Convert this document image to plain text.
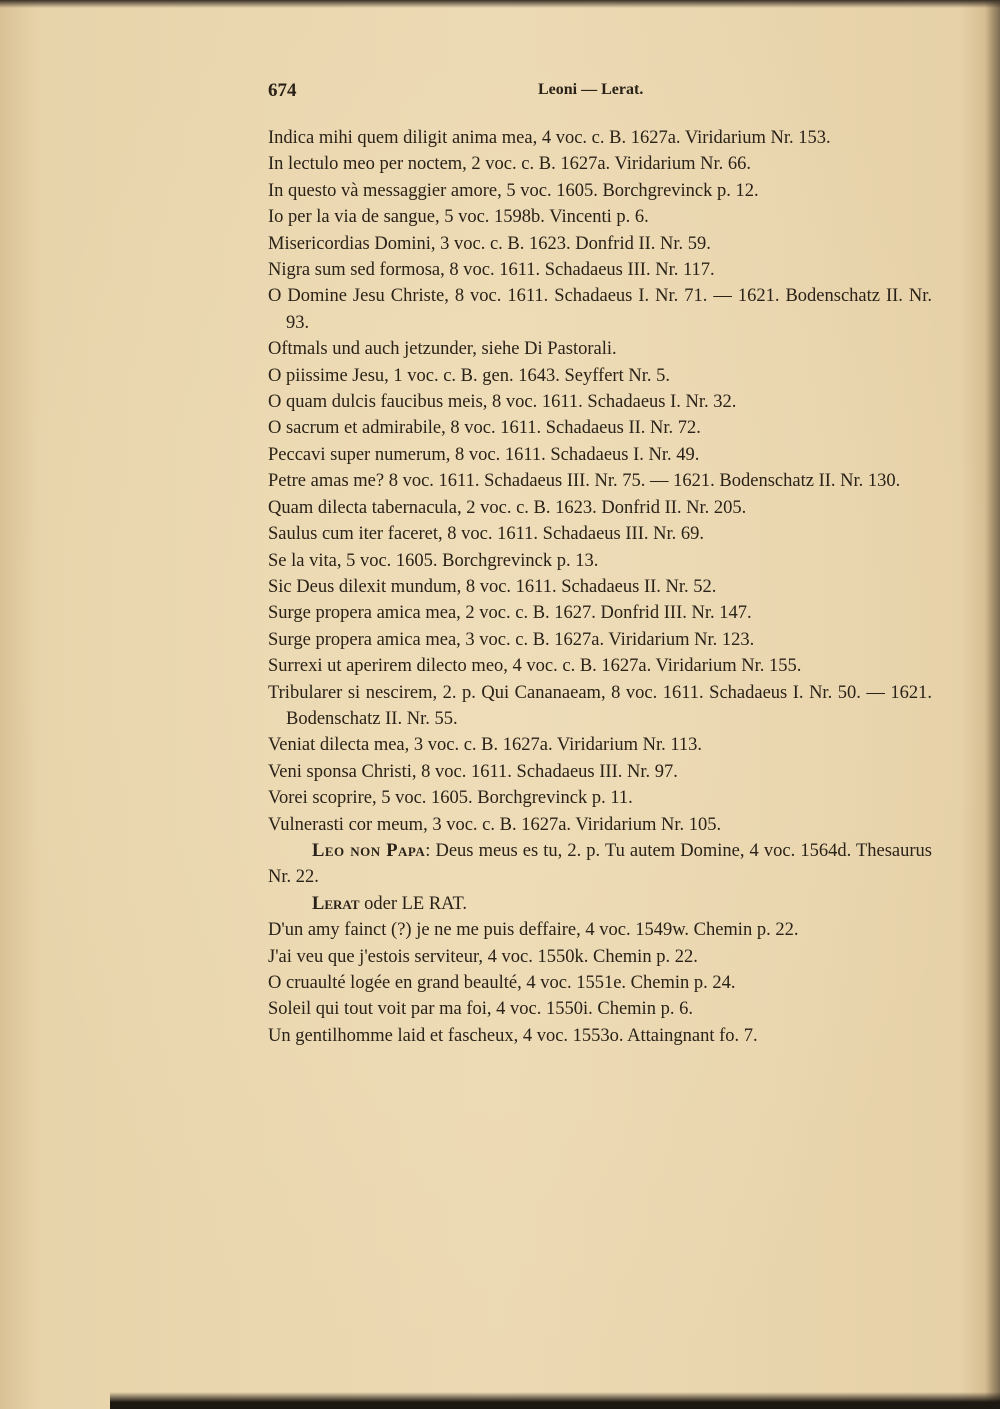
674	Leoni — Lerat.

Indica mihi quem diligit anima mea, 4 voc. c. B. 1627a. Viridarium Nr. 153.

In lectulo meo per noctem, 2 voc. c. B. 1627a. Viridarium Nr. 66.

In questo và messaggier amore, 5 voc. 1605. Borchgrevinck p. 12.

Io per la via de sangue, 5 voc. 1598b. Vincenti p. 6.

Misericordias Domini, 3 voc. c. B. 1623. Donfrid II. Nr. 59.

Nigra sum sed formosa, 8 voc. 1611. Schadaeus III. Nr. 117.

O Domine Jesu Christe, 8 voc. 1611. Schadaeus I. Nr. 71. — 1621. Bodenschatz II. Nr. 93.

Oftmals und auch jetzunder, siehe Di Pastorali.

O piissime Jesu, 1 voc. c. B. gen. 1643. Seyffert Nr. 5.

O quam dulcis faucibus meis, 8 voc. 1611. Schadaeus I. Nr. 32.

O sacrum et admirabile, 8 voc. 1611. Schadaeus II. Nr. 72.

Peccavi super numerum, 8 voc. 1611. Schadaeus I. Nr. 49.

Petre amas me? 8 voc. 1611. Schadaeus III. Nr. 75. — 1621. Bodenschatz II. Nr. 130.

Quam dilecta tabernacula, 2 voc. c. B. 1623. Donfrid II. Nr. 205.

Saulus cum iter faceret, 8 voc. 1611. Schadaeus III. Nr. 69.

Se la vita, 5 voc. 1605. Borchgrevinck p. 13.

Sic Deus dilexit mundum, 8 voc. 1611. Schadaeus II. Nr. 52.

Surge propera amica mea, 2 voc. c. B. 1627. Donfrid III. Nr. 147.

Surge propera amica mea, 3 voc. c. B. 1627a. Viridarium Nr. 123.

Surrexi ut aperirem dilecto meo, 4 voc. c. B. 1627a. Viridarium Nr. 155.

Tribularer si nescirem, 2. p. Qui Cananaeam, 8 voc. 1611. Schadaeus I. Nr. 50. — 1621. Bodenschatz II. Nr. 55.

Veniat dilecta mea, 3 voc. c. B. 1627a. Viridarium Nr. 113.

Veni sponsa Christi, 8 voc. 1611. Schadaeus III. Nr. 97.

Vorei scoprire, 5 voc. 1605. Borchgrevinck p. 11.

Vulnerasti cor meum, 3 voc. c. B. 1627a. Viridarium Nr. 105.

Leo non Papa: Deus meus es tu, 2. p. Tu autem Domine, 4 voc. 1564d. Thesaurus Nr. 22.

Lerat oder LE RAT.

D'un amy fainct (?) je ne me puis deffaire, 4 voc. 1549w. Chemin p. 22.

J'ai veu que j'estois serviteur, 4 voc. 1550k. Chemin p. 22.

O cruaulté logée en grand beaulté, 4 voc. 1551e. Chemin p. 24.

Soleil qui tout voit par ma foi, 4 voc. 1550i. Chemin p. 6.

Un gentilhomme laid et fascheux, 4 voc. 1553o. Attaingnant fo. 7.
